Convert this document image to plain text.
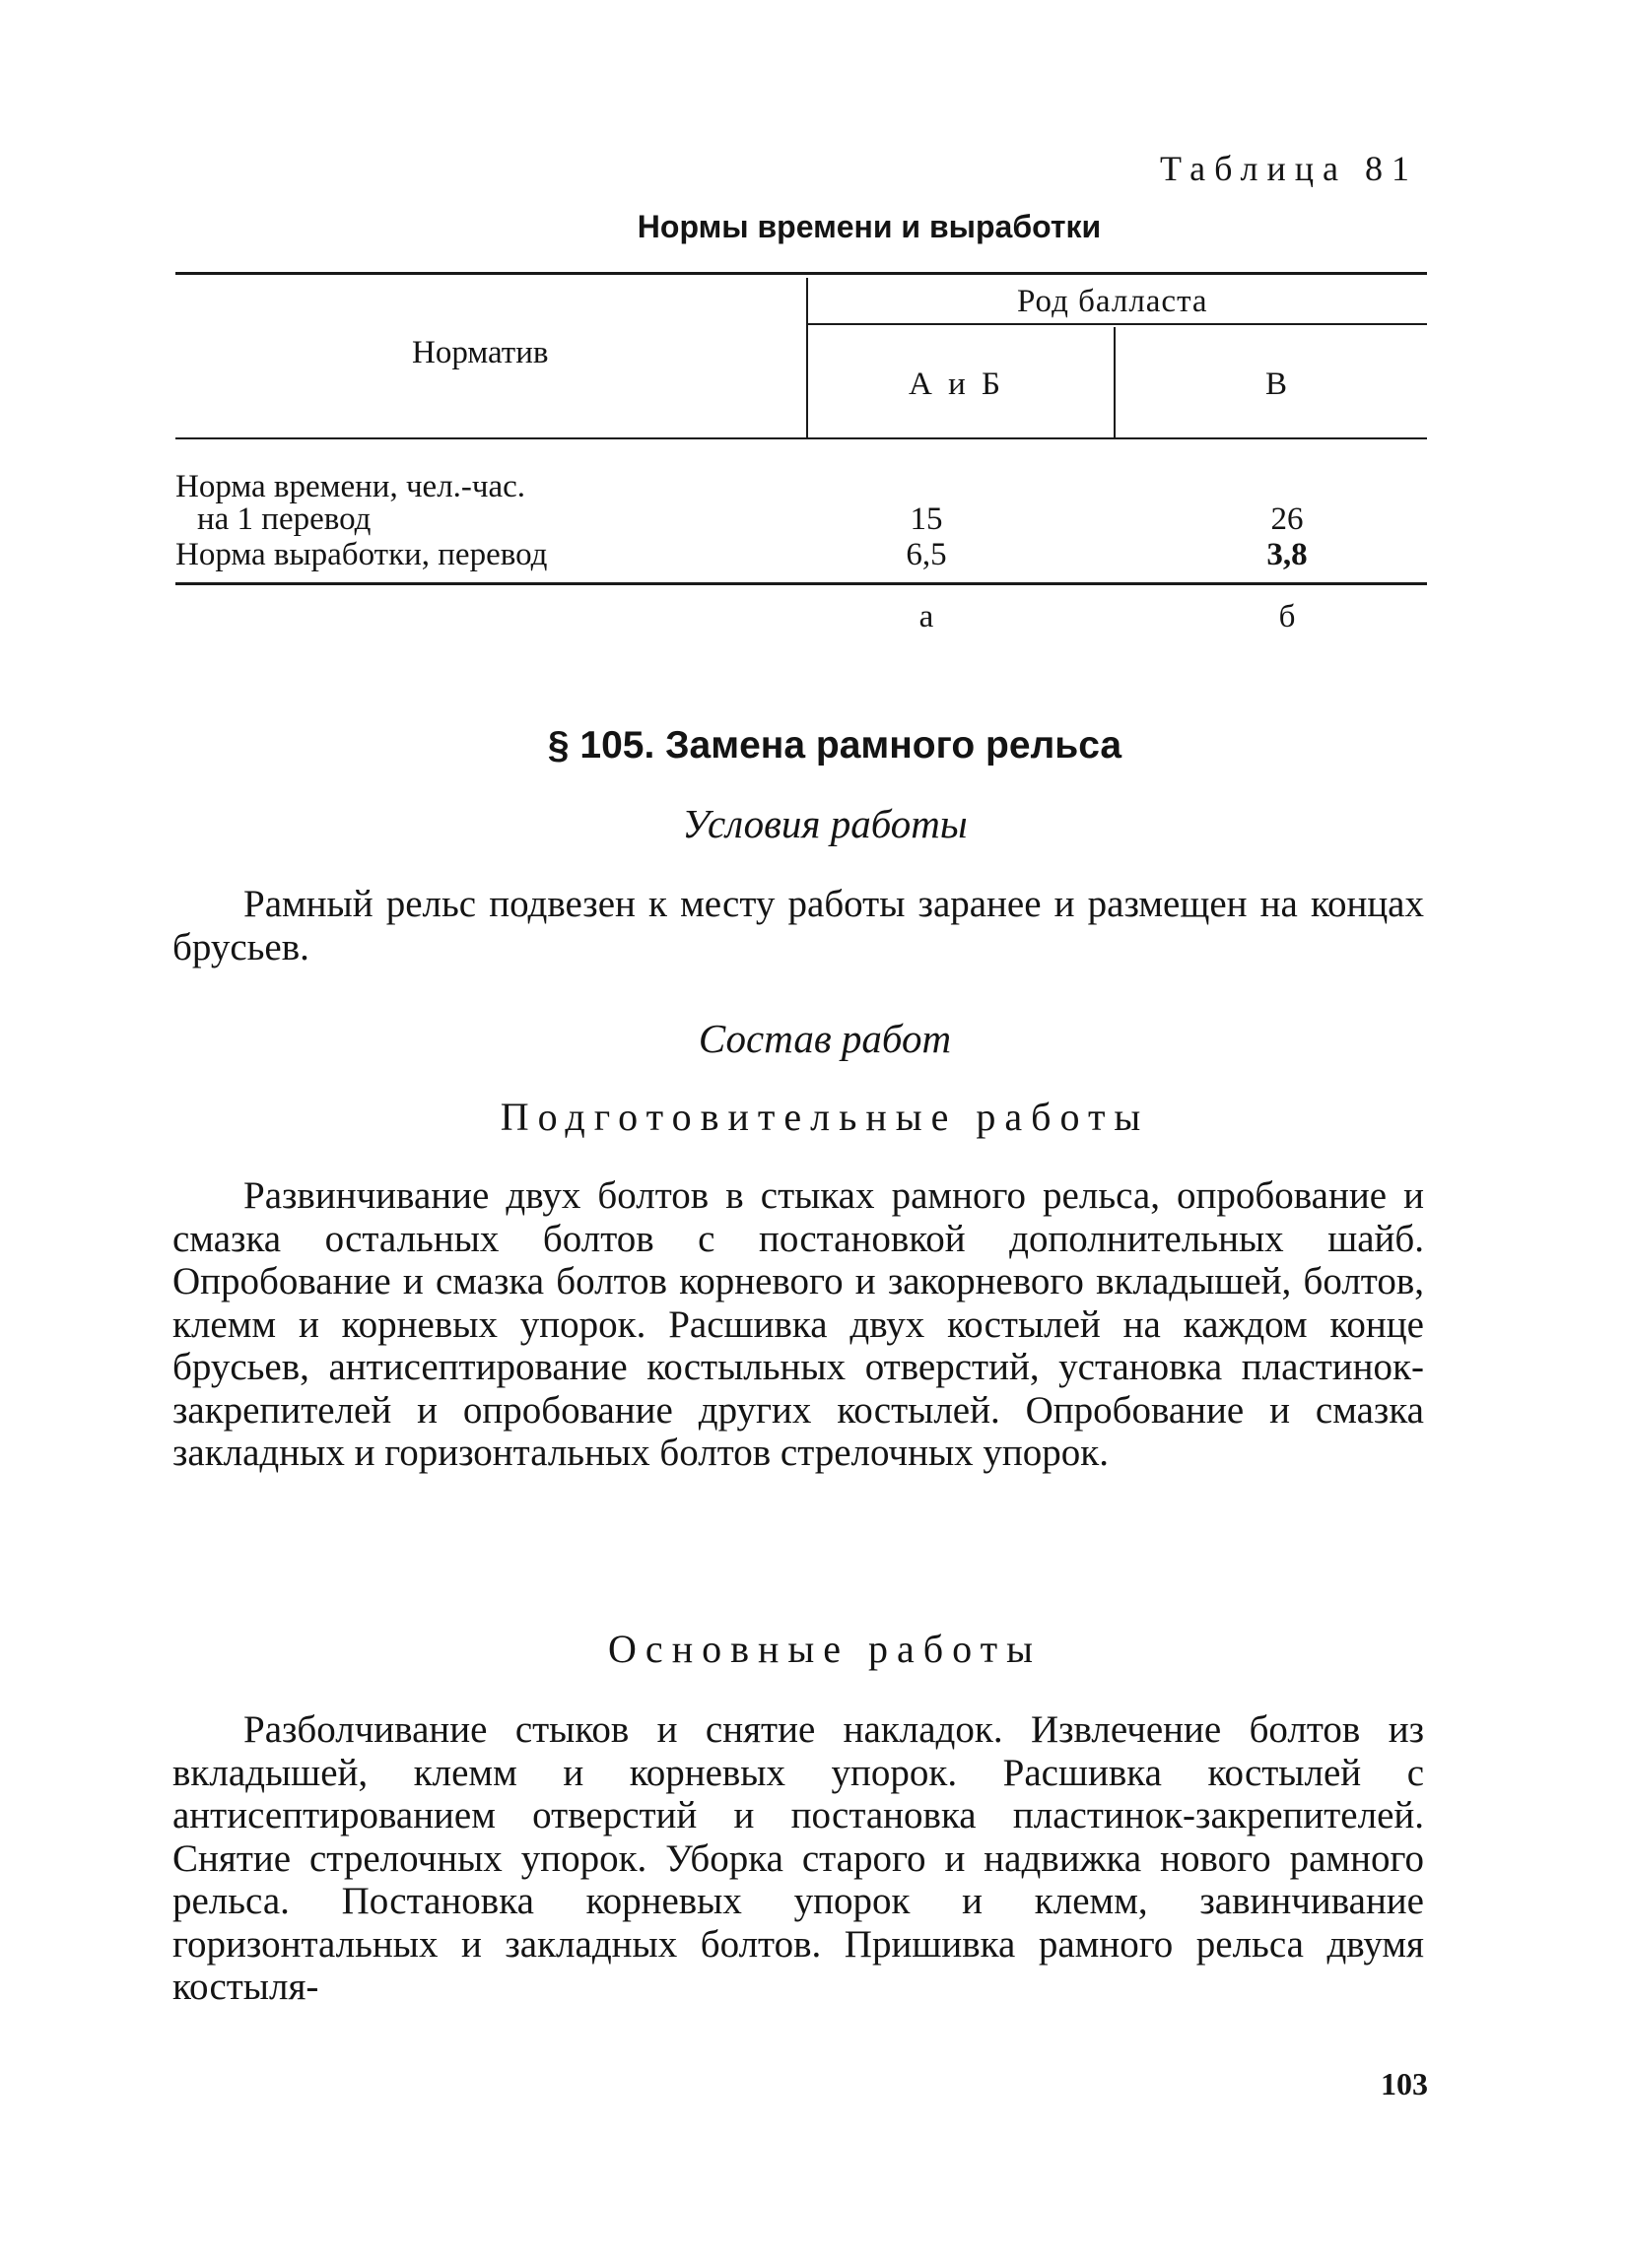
Таблица 81
Нормы времени и выработки
Норматив
Род балласта
А и Б	В
Норма времени, чел.-час.
на 1 перевод	15	26
Норма выработки, перевод	6,5	3,8
а	б
§ 105. Замена рамного рельса
Условия работы

Рамный рельс подвезен к месту работы заранее и размещен на концах брусьев.

Состав работ
Подготовительные работы

Развинчивание двух болтов в стыках рамного рельса, опробование и смазка остальных болтов с постановкой дополнительных шайб. Опробование и смазка болтов корневого и закорневого вкладышей, болтов, клемм и корневых упорок. Расшивка двух костылей на каждом конце брусьев, антисептирование костыльных отверстий, установка пластинок-закрепителей и опробование других костылей. Опробование и смазка закладных и горизонтальных болтов стрелочных упорок.

Основные работы

Разболчивание стыков и снятие накладок. Извлечение болтов из вкладышей, клемм и корневых упорок. Расшивка костылей с антисептированием отверстий и постановка пластинок-закрепителей. Снятие стрелочных упорок. Уборка старого и надвижка нового рамного рельса. Постановка корневых упорок и клемм, завинчивание горизонтальных и закладных болтов. Пришивка рамного рельса двумя костыля-

103
